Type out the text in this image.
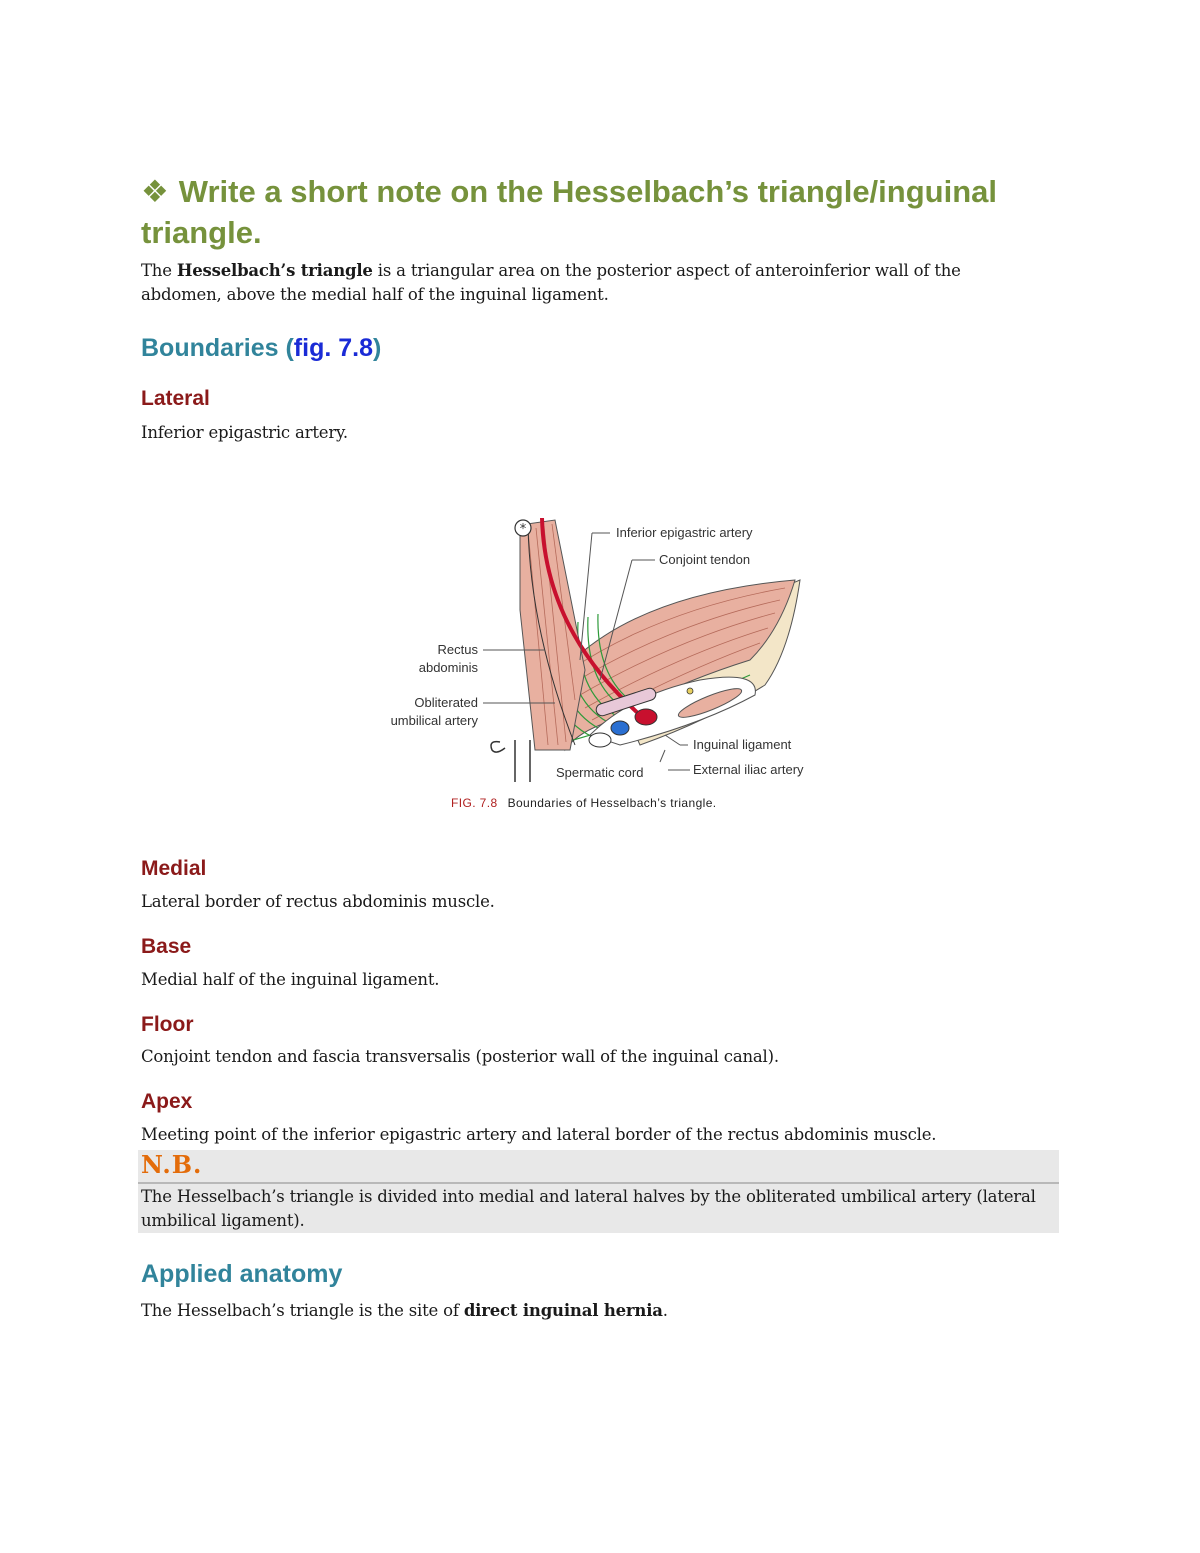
❖ Write a short note on the Hesselbach’s triangle/inguinal triangle.
The Hesselbach’s triangle is a triangular area on the posterior aspect of anteroinferior wall of the abdomen, above the medial half of the inguinal ligament.
Boundaries (fig. 7.8)
Lateral
Inferior epigastric artery.
*	Inferior epigastric artery
Conjoint tendon
Rectus
abdominis
Obliterated
umbilical artery
Inguinal ligament
External iliac artery
Spermatic cord
FIG. 7.8 Boundaries of Hesselbach’s triangle.
Medial
Lateral border of rectus abdominis muscle.
Base
Medial half of the inguinal ligament.
Floor
Conjoint tendon and fascia transversalis (posterior wall of the inguinal canal).
Apex
Meeting point of the inferior epigastric artery and lateral border of the rectus abdominis muscle.
N.B.
The Hesselbach’s triangle is divided into medial and lateral halves by the obliterated umbilical artery (lateral umbilical ligament).
Applied anatomy
The Hesselbach’s triangle is the site of direct inguinal hernia.
